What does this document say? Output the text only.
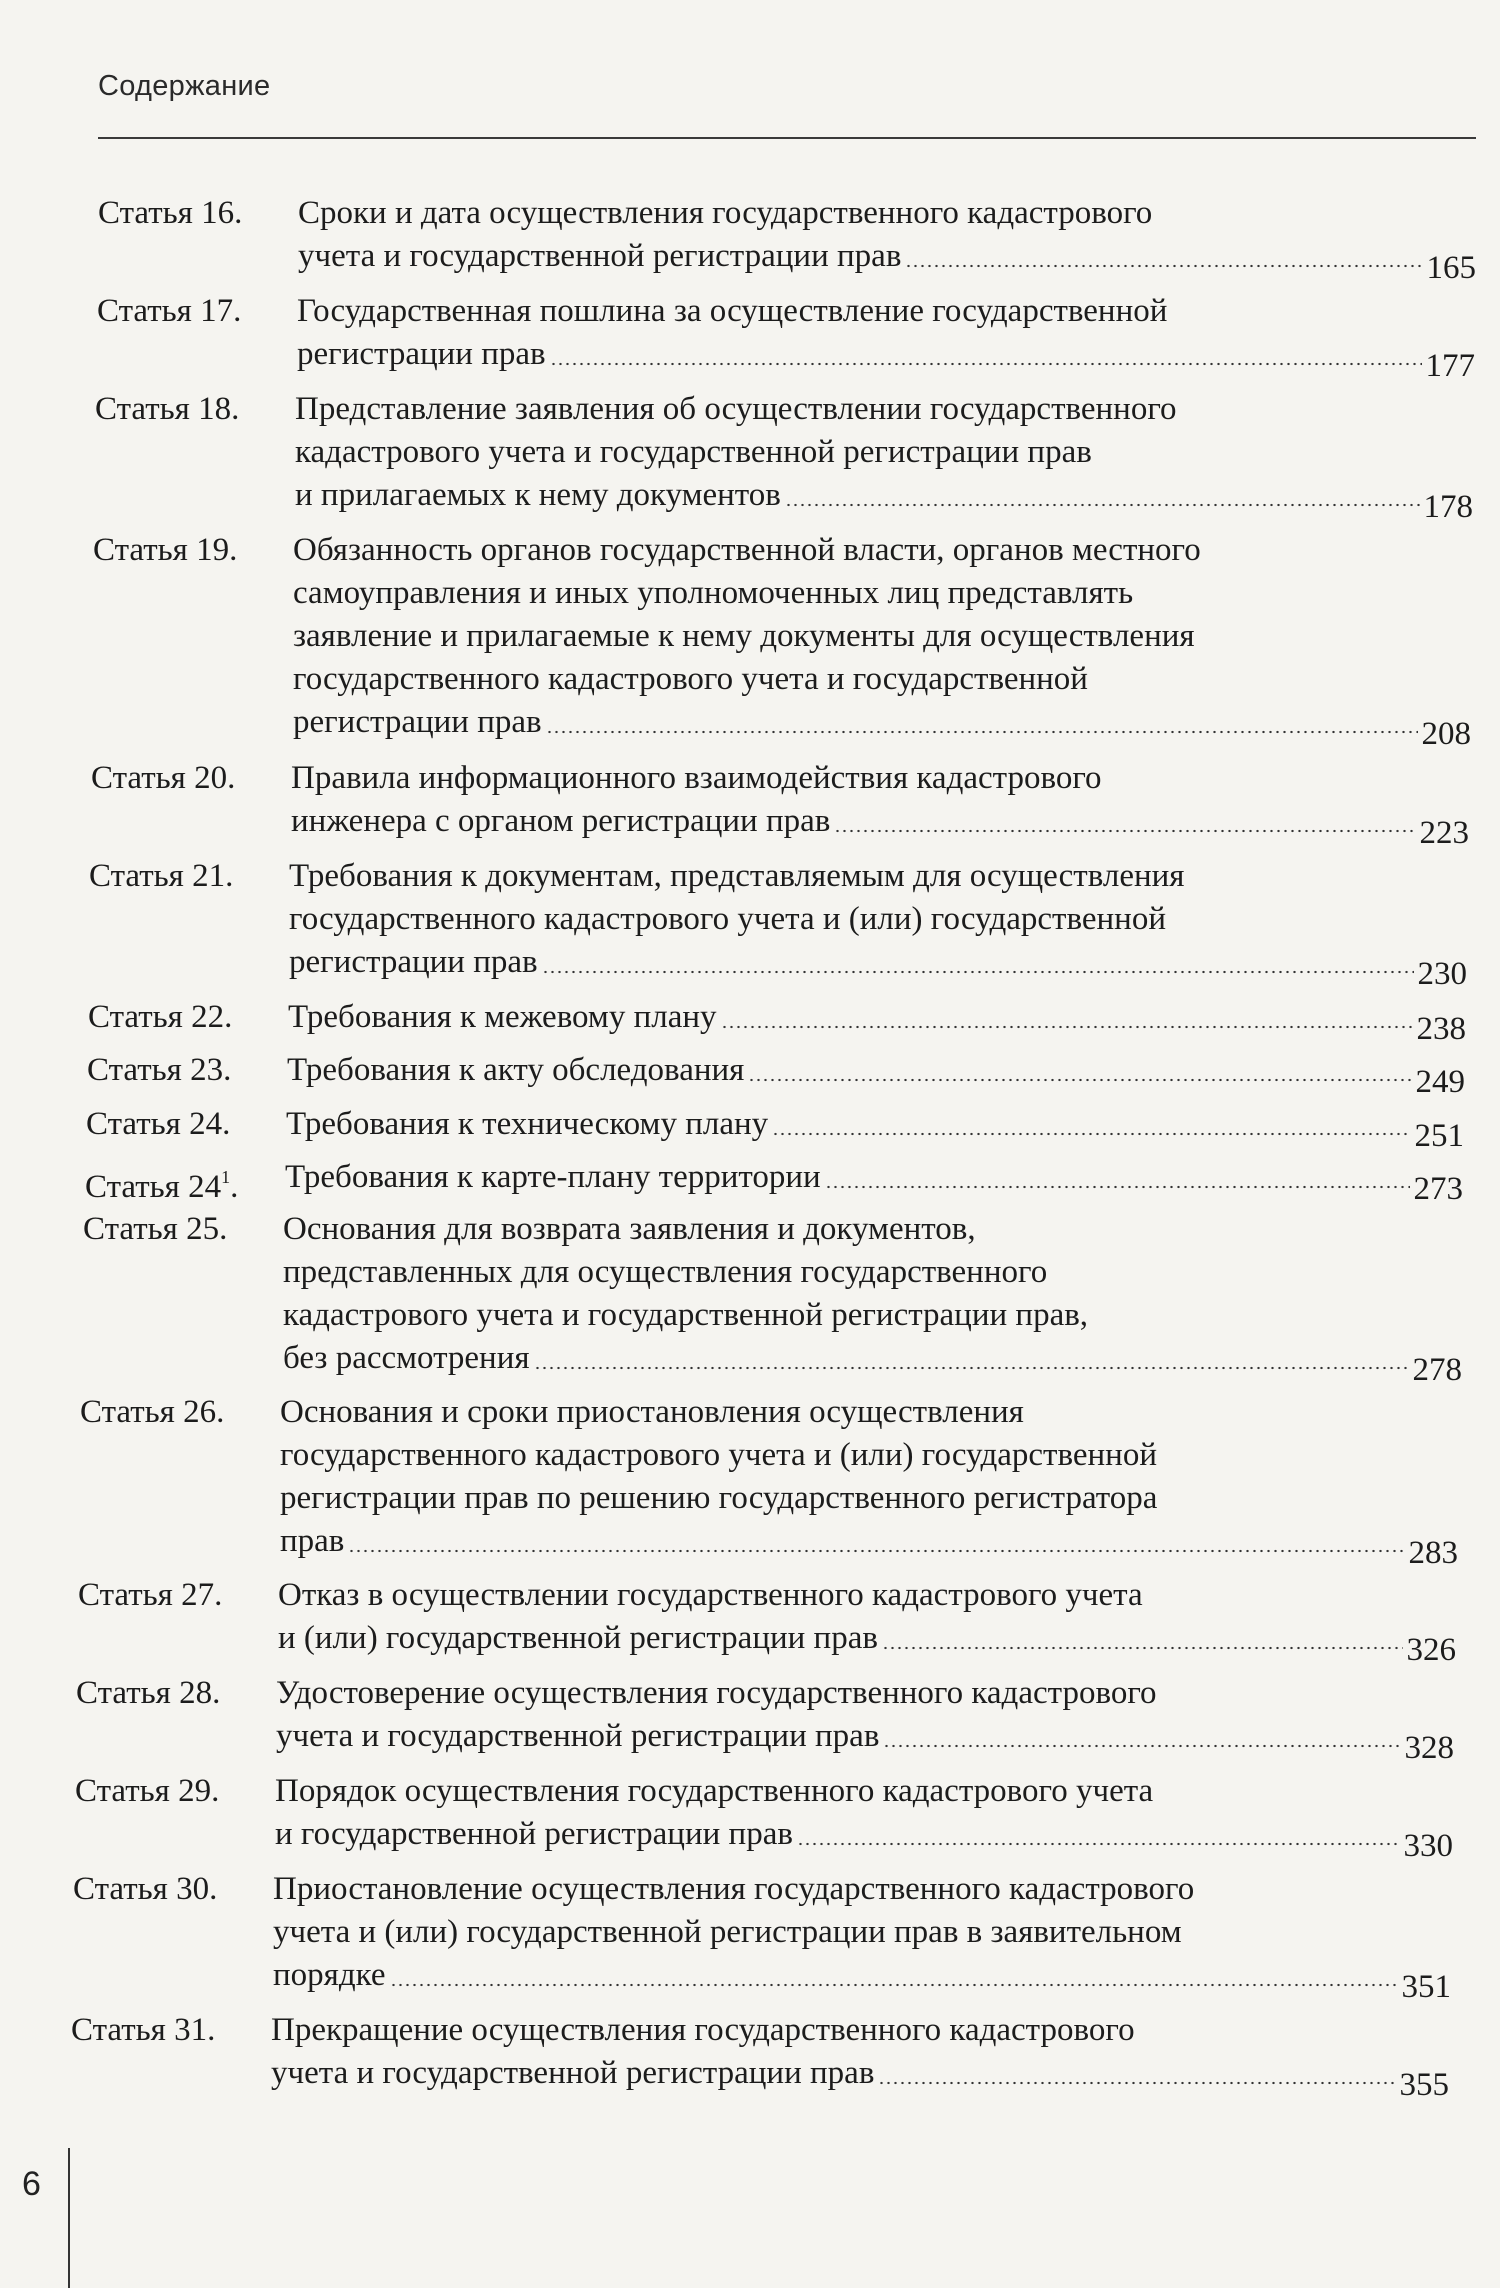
Содержание
Статья 16.	Сроки и дата осуществления государственного кадастрового
учета и государственной регистрации прав	165
Статья 17.	Государственная пошлина за осуществление государственной
регистрации прав	177
Статья 18.	Представление заявления об осуществлении государственного
кадастрового учета и государственной регистрации прав
и прилагаемых к нему документов	178
Статья 19.	Обязанность органов государственной власти, органов местного
самоуправления и иных уполномоченных лиц представлять
заявление и прилагаемые к нему документы для осуществления
государственного кадастрового учета и государственной
регистрации прав	208
Статья 20.	Правила информационного взаимодействия кадастрового
инженера с органом регистрации прав	223
Статья 21.	Требования к документам, представляемым для осуществления
государственного кадастрового учета и (или) государственной
регистрации прав	230
Статья 22.	Требования к межевому плану	238
Статья 23.	Требования к акту обследования	249
Статья 24.	Требования к техническому плану	251
Статья $24^1$.	Требования к карте-плану территории	273
Статья 25.	Основания для возврата заявления и документов,
представленных для осуществления государственного
кадастрового учета и государственной регистрации прав,
без рассмотрения	278
Статья 26.	Основания и сроки приостановления осуществления
государственного кадастрового учета и (или) государственной
регистрации прав по решению государственного регистратора
прав	283
Статья 27.	Отказ в осуществлении государственного кадастрового учета
и (или) государственной регистрации прав	326
Статья 28.	Удостоверение осуществления государственного кадастрового
учета и государственной регистрации прав	328
Статья 29.	Порядок осуществления государственного кадастрового учета
и государственной регистрации прав	330
Статья 30.	Приостановление осуществления государственного кадастрового
учета и (или) государственной регистрации прав в заявительном
порядке	351
Статья 31.	Прекращение осуществления государственного кадастрового
учета и государственной регистрации прав	355
6
